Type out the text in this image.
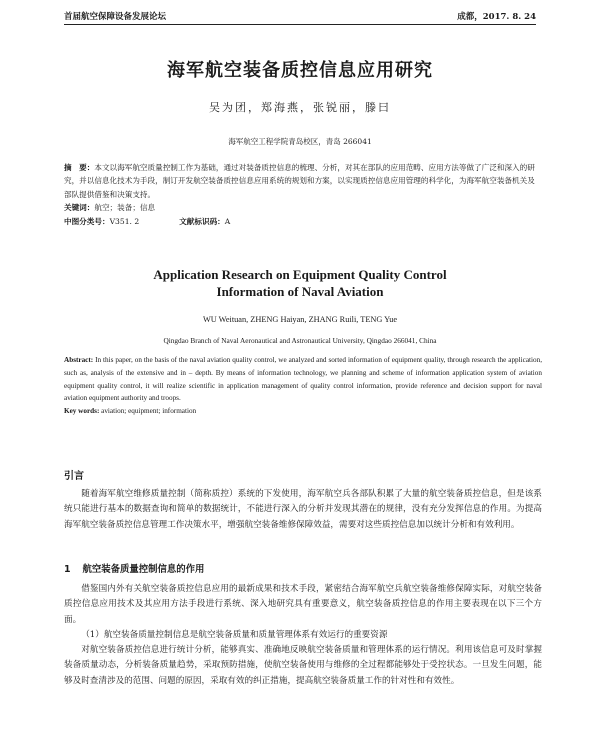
首届航空保障设备发展论坛	成都，2017. 8. 24
海军航空装备质控信息应用研究
吴为团，郑海燕，张锐丽，滕曰
海军航空工程学院青岛校区，青岛 266041

摘　要：本文以海军航空质量控制工作为基础，通过对装备质控信息的梳理、分析，对其在部队的应用范畴、应用方法等做了广泛和深入的研究，并以信息化技术为手段，制订开发航空装备质控信息应用系统的规划和方案，以实现质控信息应用管理的科学化，为海军航空装备机关及部队提供借鉴和决策支持。

关键词：航空；装备；信息

中图分类号：V351. 2	文献标识码：A

Application Research on Equipment Quality Control
Information of Naval Aviation
WU Weituan, ZHENG Haiyan, ZHANG Ruili, TENG Yue
Qingdao Branch of Naval Aeronautical and Astronautical University, Qingdao 266041, China

Abstract: In this paper, on the basis of the naval aviation quality control, we analyzed and sorted information of equipment quality, through research the application, such as, analysis of the extensive and in – depth. By means of information technology, we planning and scheme of information application system of aviation equipment quality control, it will realize scientific in application management of quality control information, provide reference and decision support for naval aviation equipment authority and troops.

Key words: aviation; equipment; information

引言

随着海军航空维修质量控制（简称质控）系统的下发使用，海军航空兵各部队积累了大量的航空装备质控信息，但是该系统只能进行基本的数据查询和简单的数据统计，不能进行深入的分析并发现其潜在的规律，没有充分发挥信息的作用。为提高海军航空装备质控信息管理工作决策水平，增强航空装备维修保障效益，需要对这些质控信息加以统计分析和有效利用。

1 航空装备质量控制信息的作用

借鉴国内外有关航空装备质控信息应用的最新成果和技术手段，紧密结合海军航空兵航空装备维修保障实际，对航空装备质控信息应用技术及其应用方法手段进行系统、深入地研究具有重要意义，航空装备质控信息的作用主要表现在以下三个方面。

（1）航空装备质量控制信息是航空装备质量和质量管理体系有效运行的重要资源

对航空装备质控信息进行统计分析，能够真实、准确地反映航空装备质量和管理体系的运行情况。利用该信息可及时掌握装备质量动态，分析装备质量趋势，采取预防措施，使航空装备使用与维修的全过程都能够处于受控状态。一旦发生问题，能够及时查清涉及的范围、问题的原因，采取有效的纠正措施，提高航空装备质量工作的针对性和有效性。
